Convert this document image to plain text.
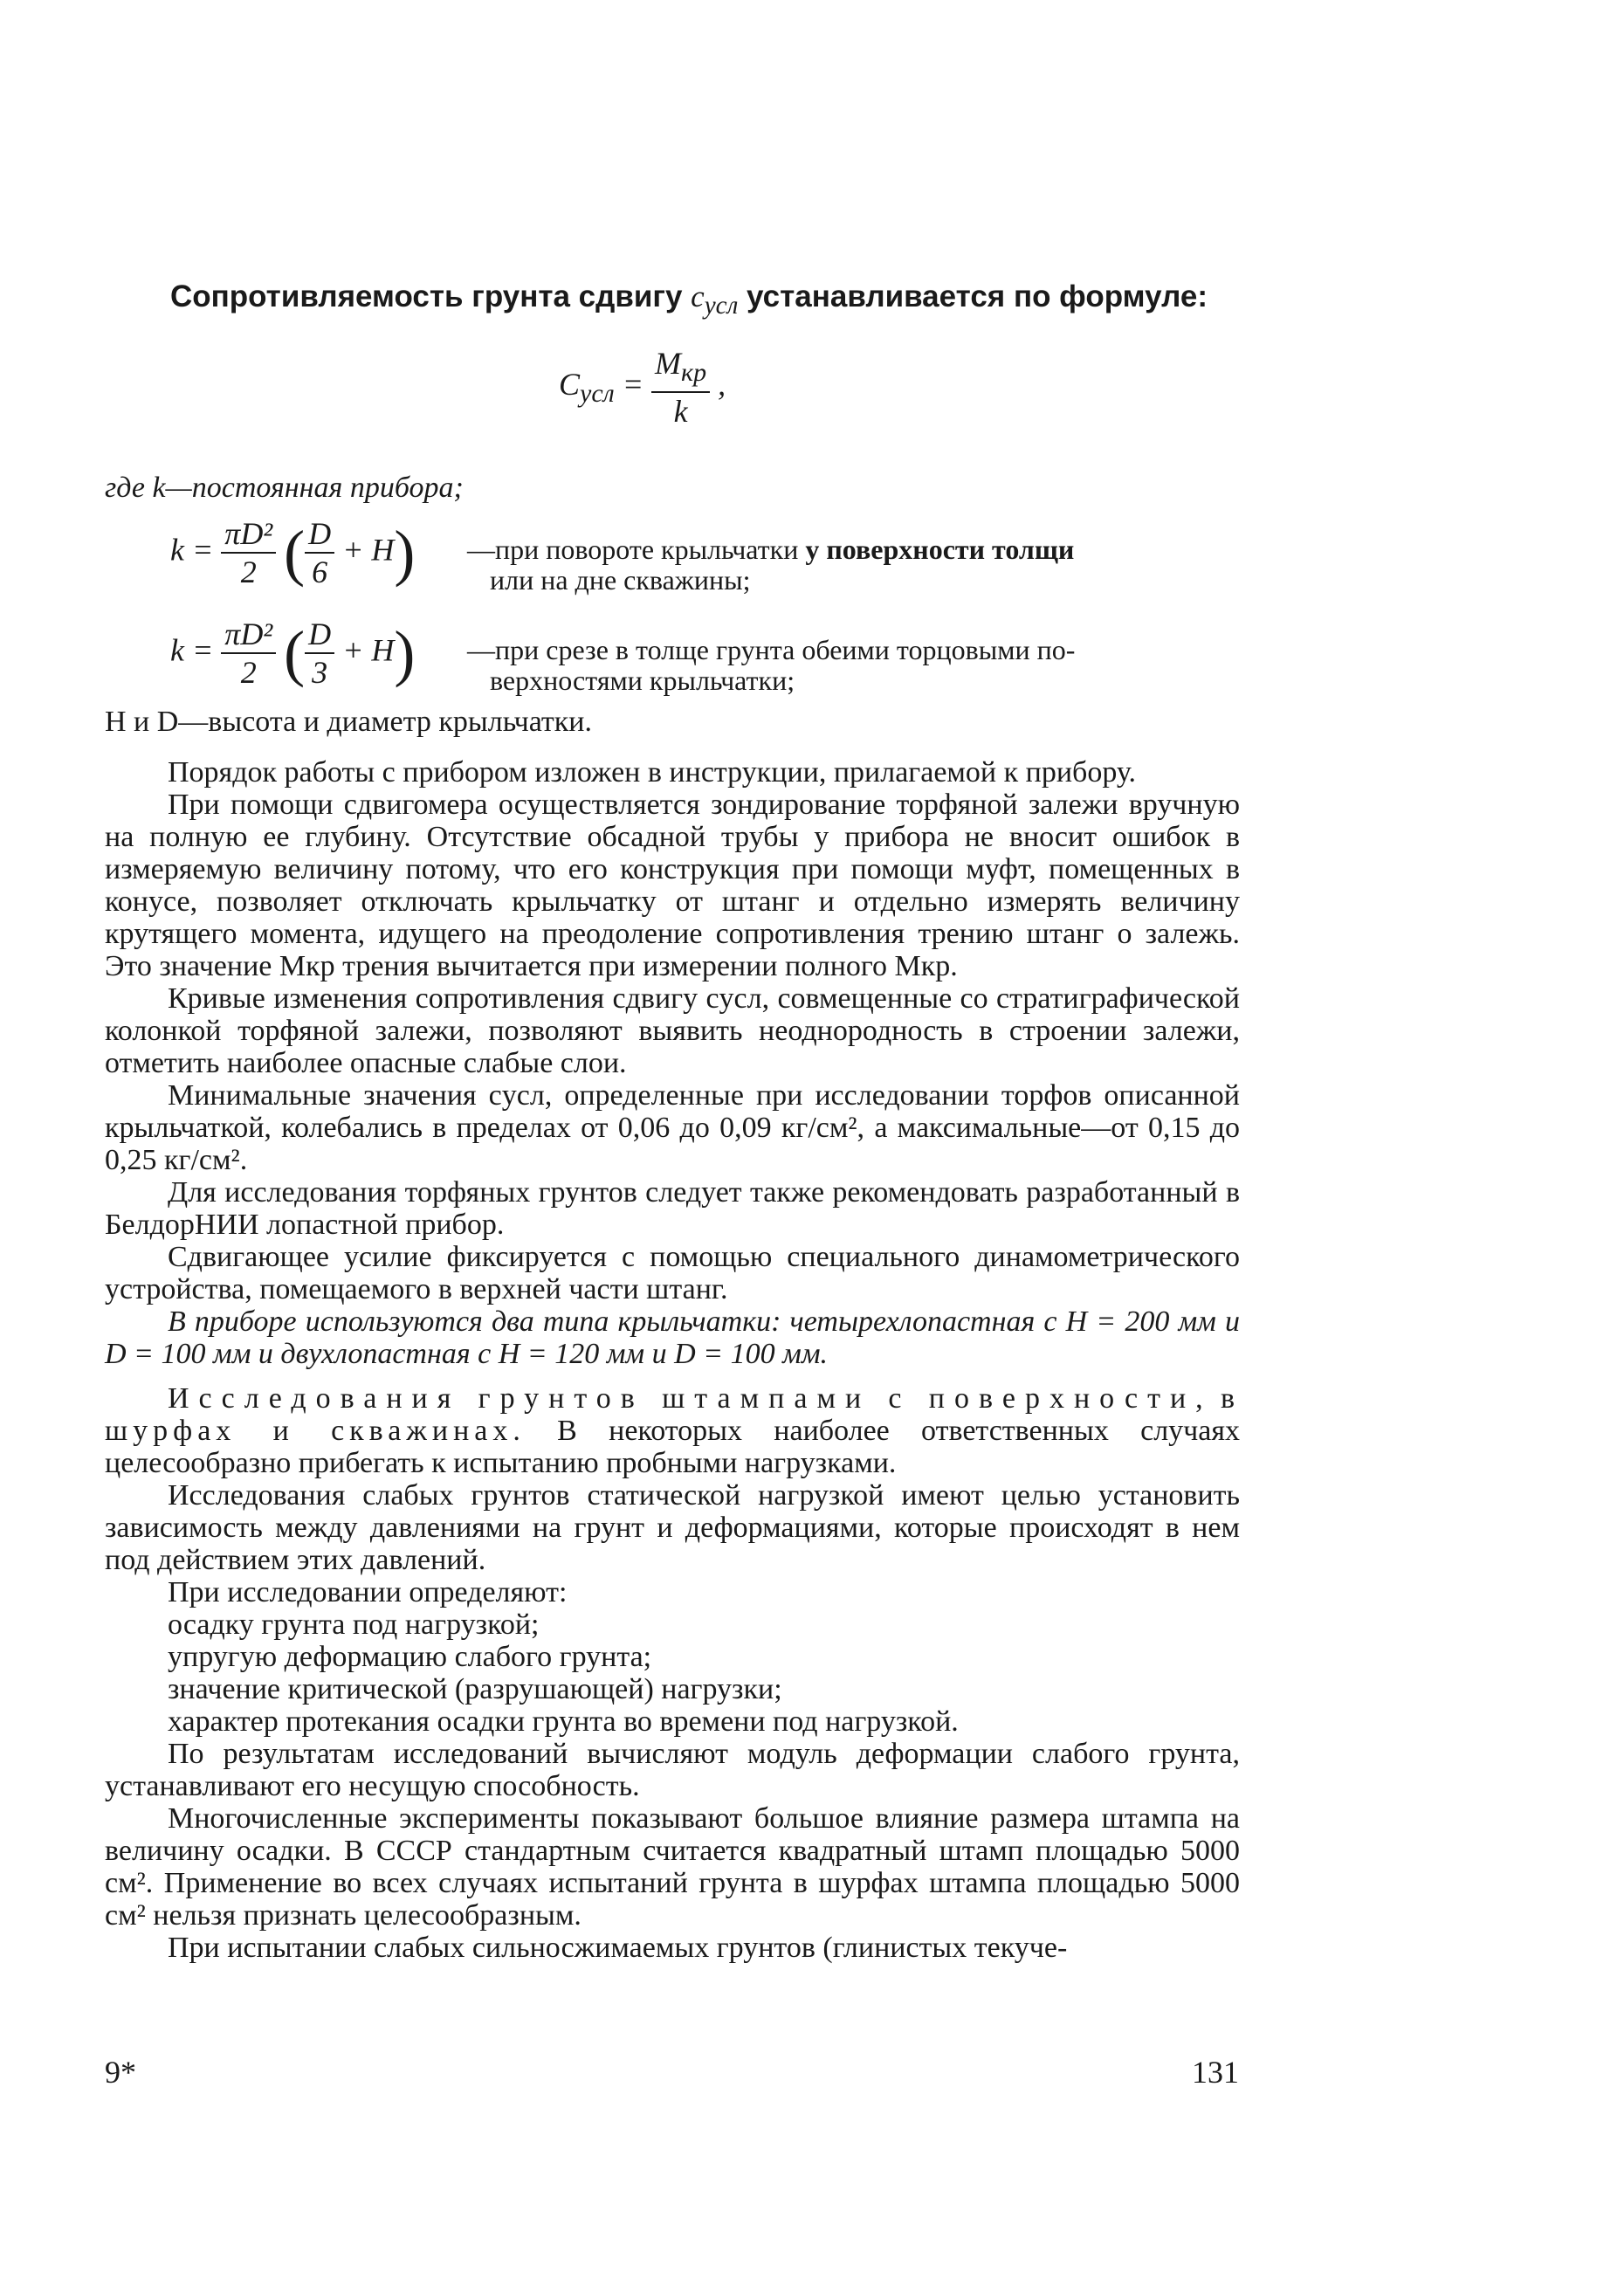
Сопротивляемость грунта сдвигу $c_{усл}$ устанавливается по формуле:
$C_{усл} = \frac{M_{кр}}{k}$ ,
где k—постоянная прибора;
$k = \frac{\text{πD²}}{2}$ ( $\frac{D}{6} + H$) —при повороте крыльчатки у поверхности толщи
или на дне скважины;
$k = \frac{\text{πD²}}{2}$ ( $\frac{D}{3} + H$) —при срезе в толще грунта обеими торцовыми по-
верхностями крыльчатки;
H и D—высота и диаметр крыльчатки.

Порядок работы с прибором изложен в инструкции, прилагаемой к прибору.

При помощи сдвигомера осуществляется зондирование торфяной залежи вручную на полную ее глубину. Отсутствие обсадной трубы у прибора не вносит ошибок в измеряемую величину потому, что его конструкция при помощи муфт, помещенных в конусе, позволяет отключать крыльчатку от штанг и отдельно измерять величину крутящего момента, идущего на преодоление сопротивления трению штанг о залежь. Это значение Mкр трения вычитается при измерении полного Mкр.

Кривые изменения сопротивления сдвигу cусл, совмещенные со стратиграфической колонкой торфяной залежи, позволяют выявить неоднородность в строении залежи, отметить наиболее опасные слабые слои.

Минимальные значения cусл, определенные при исследовании торфов описанной крыльчаткой, колебались в пределах от 0,06 до 0,09 кг/см², а максимальные—от 0,15 до 0,25 кг/см².

Для исследования торфяных грунтов следует также рекомендовать разработанный в БелдорНИИ лопастной прибор.

Сдвигающее усилие фиксируется с помощью специального динамометрического устройства, помещаемого в верхней части штанг.

В приборе используются два типа крыльчатки: четырехлопастная с H = 200 мм и D = 100 мм и двухлопастная с H = 120 мм и D = 100 мм.

Исследования грунтов штампами с поверхности, в шурфах и скважинах. В некоторых наиболее ответственных случаях целесообразно прибегать к испытанию пробными нагрузками.

Исследования слабых грунтов статической нагрузкой имеют целью установить зависимость между давлениями на грунт и деформациями, которые происходят в нем под действием этих давлений.

При исследовании определяют:

осадку грунта под нагрузкой;

упругую деформацию слабого грунта;

значение критической (разрушающей) нагрузки;

характер протекания осадки грунта во времени под нагрузкой.

По результатам исследований вычисляют модуль деформации слабого грунта, устанавливают его несущую способность.

Многочисленные эксперименты показывают большое влияние размера штампа на величину осадки. В СССР стандартным считается квадратный штамп площадью 5000 см². Применение во всех случаях испытаний грунта в шурфах штампа площадью 5000 см² нельзя признать целесообразным.

При испытании слабых сильносжимаемых грунтов (глинистых текуче-

9*	131
